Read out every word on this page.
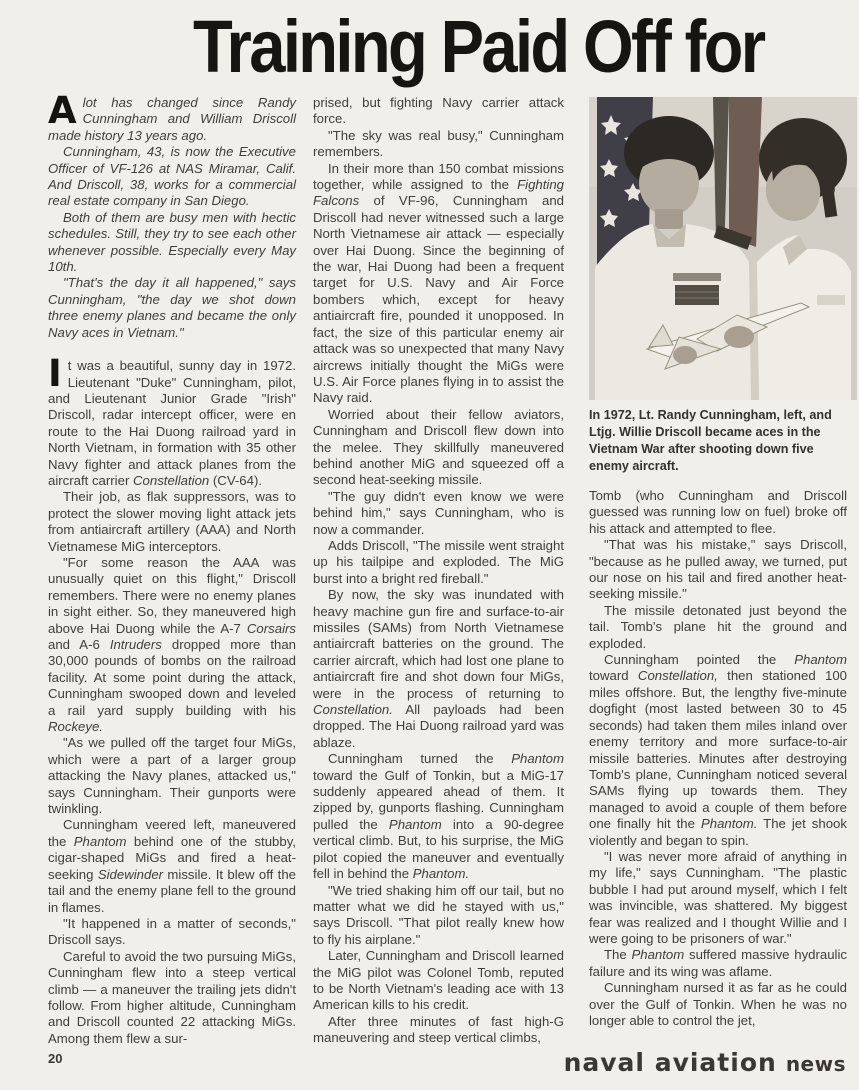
Training Paid Off for

Alot has changed since Randy Cunningham and William Driscoll made history 13 years ago.

Cunningham, 43, is now the Executive Officer of VF-126 at NAS Miramar, Calif. And Driscoll, 38, works for a commercial real estate company in San Diego.

Both of them are busy men with hectic schedules. Still, they try to see each other whenever possible. Especially every May 10th.

"That's the day it all happened," says Cunningham, "the day we shot down three enemy planes and became the only Navy aces in Vietnam."

It was a beautiful, sunny day in 1972. Lieutenant "Duke" Cunningham, pilot, and Lieutenant Junior Grade "Irish" Driscoll, radar intercept officer, were en route to the Hai Duong railroad yard in North Vietnam, in formation with 35 other Navy fighter and attack planes from the aircraft carrier Constellation (CV-64).

Their job, as flak suppressors, was to protect the slower moving light attack jets from antiaircraft artillery (AAA) and North Vietnamese MiG interceptors.

"For some reason the AAA was unusually quiet on this flight," Driscoll remembers. There were no enemy planes in sight either. So, they maneuvered high above Hai Duong while the A-7 Corsairs and A-6 Intruders dropped more than 30,000 pounds of bombs on the railroad facility. At some point during the attack, Cunningham swooped down and leveled a rail yard supply building with his Rockeye.

"As we pulled off the target four MiGs, which were a part of a larger group attacking the Navy planes, attacked us," says Cunningham. Their gunports were twinkling.

Cunningham veered left, maneuvered the Phantom behind one of the stubby, cigar-shaped MiGs and fired a heat-seeking Sidewinder missile. It blew off the tail and the enemy plane fell to the ground in flames.

"It happened in a matter of seconds," Driscoll says.

Careful to avoid the two pursuing MiGs, Cunningham flew into a steep vertical climb — a maneuver the trailing jets didn't follow. From higher altitude, Cunningham and Driscoll counted 22 attacking MiGs. Among them flew a sur-

prised, but fighting Navy carrier attack force.

"The sky was real busy," Cunningham remembers.

In their more than 150 combat missions together, while assigned to the Fighting Falcons of VF-96, Cunningham and Driscoll had never witnessed such a large North Vietnamese air attack — especially over Hai Duong. Since the beginning of the war, Hai Duong had been a frequent target for U.S. Navy and Air Force bombers which, except for heavy antiaircraft fire, pounded it unopposed. In fact, the size of this particular enemy air attack was so unexpected that many Navy aircrews initially thought the MiGs were U.S. Air Force planes flying in to assist the Navy raid.

Worried about their fellow aviators, Cunningham and Driscoll flew down into the melee. They skillfully maneuvered behind another MiG and squeezed off a second heat-seeking missile.

"The guy didn't even know we were behind him," says Cunningham, who is now a commander.

Adds Driscoll, "The missile went straight up his tailpipe and exploded. The MiG burst into a bright red fireball."

By now, the sky was inundated with heavy machine gun fire and surface-to-air missiles (SAMs) from North Vietnamese antiaircraft batteries on the ground. The carrier aircraft, which had lost one plane to antiaircraft fire and shot down four MiGs, were in the process of returning to Constellation. All payloads had been dropped. The Hai Duong railroad yard was ablaze.

Cunningham turned the Phantom toward the Gulf of Tonkin, but a MiG-17 suddenly appeared ahead of them. It zipped by, gunports flashing. Cunningham pulled the Phantom into a 90-degree vertical climb. But, to his surprise, the MiG pilot copied the maneuver and eventually fell in behind the Phantom.

"We tried shaking him off our tail, but no matter what we did he stayed with us," says Driscoll. "That pilot really knew how to fly his airplane."

Later, Cunningham and Driscoll learned the MiG pilot was Colonel Tomb, reputed to be North Vietnam's leading ace with 13 American kills to his credit.

After three minutes of fast high-G maneuvering and steep vertical climbs,

In 1972, Lt. Randy Cunningham, left, and Ltjg. Willie Driscoll became aces in the Vietnam War after shooting down five enemy aircraft.

Tomb (who Cunningham and Driscoll guessed was running low on fuel) broke off his attack and attempted to flee.

"That was his mistake," says Driscoll, "because as he pulled away, we turned, put our nose on his tail and fired another heat-seeking missile."

The missile detonated just beyond the tail. Tomb's plane hit the ground and exploded.

Cunningham pointed the Phantom toward Constellation, then stationed 100 miles offshore. But, the lengthy five-minute dogfight (most lasted between 30 to 45 seconds) had taken them miles inland over enemy territory and more surface-to-air missile batteries. Minutes after destroying Tomb's plane, Cunningham noticed several SAMs flying up towards them. They managed to avoid a couple of them before one finally hit the Phantom. The jet shook violently and began to spin.

"I was never more afraid of anything in my life," says Cunningham. "The plastic bubble I had put around myself, which I felt was invincible, was shattered. My biggest fear was realized and I thought Willie and I were going to be prisoners of war."

The Phantom suffered massive hydraulic failure and its wing was aflame.

Cunningham nursed it as far as he could over the Gulf of Tonkin. When he was no longer able to control the jet,

20	naval aviation news
